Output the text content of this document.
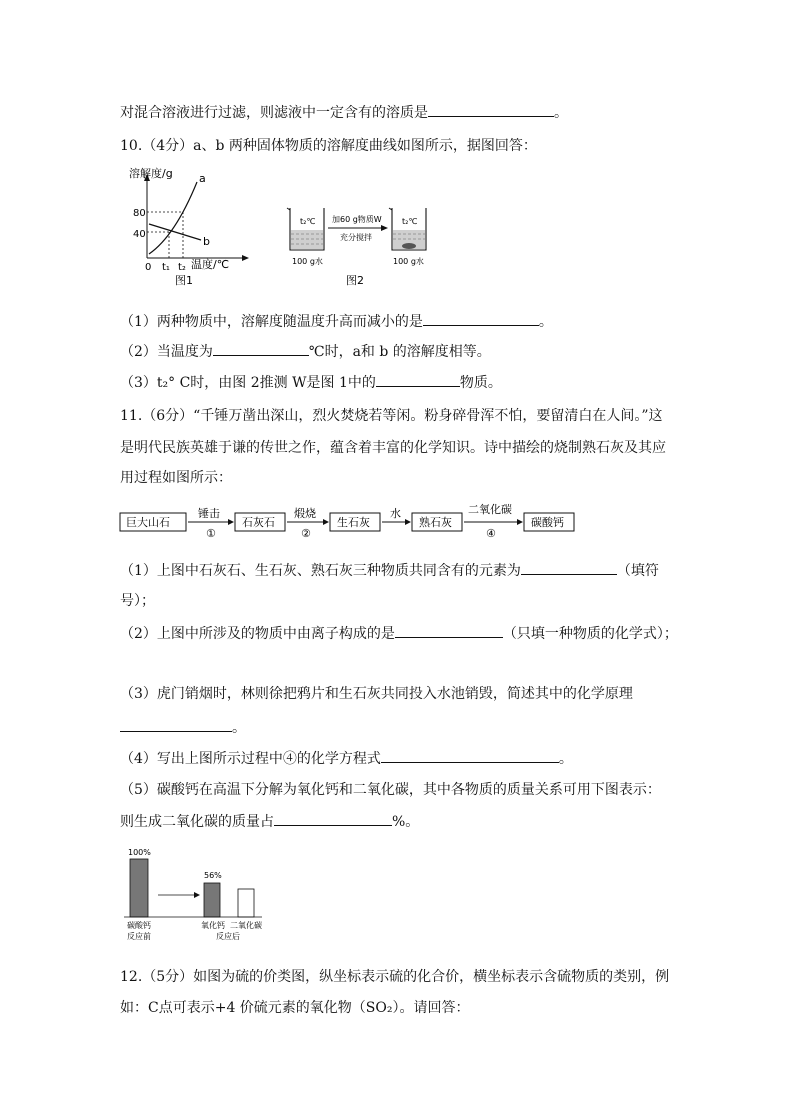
对混合溶液进行过滤，则滤液中一定含有的溶质是	。
10.（4分）a、b 两种固体物质的溶解度曲线如图所示，据图回答：
溶解度/g
80
40
0 t₁ t₂ 温度/℃
a
b
图1
t₂℃ 加60 g物质W
充分搅拌
t₂℃
100 g水	100 g水
图2
（1）两种物质中，溶解度随温度升高而减小的是	。
（2）当温度为	℃时，a和 b 的溶解度相等。
（3）t₂° C时，由图 2推测 W是图 1中的	物质。
11.（6分）“千锤万凿出深山，烈火焚烧若等闲。粉身碎骨浑不怕，要留清白在人间。”这
是明代民族英雄于谦的传世之作，蕴含着丰富的化学知识。诗中描绘的烧制熟石灰及其应
用过程如图所示：
巨大山石
锤击
①
石灰石
煅烧
②
生石灰
水
熟石灰
二氧化碳
④
碳酸钙
（1）上图中石灰石、生石灰、熟石灰三种物质共同含有的元素为	（填符
号）；
（2）上图中所涉及的物质中由离子构成的是	（只填一种物质的化学式）；
（3）虎门销烟时，林则徐把鸦片和生石灰共同投入水池销毁，简述其中的化学原理
。
（4）写出上图所示过程中④的化学方程式	。
（5）碳酸钙在高温下分解为氧化钙和二氧化碳，其中各物质的质量关系可用下图表示：
则生成二氧化碳的质量占	%。
100%
56%
碳酸钙
反应前
氧化钙 二氧化碳
反应后
12.（5分）如图为硫的价类图，纵坐标表示硫的化合价，横坐标表示含硫物质的类别，例
如：C点可表示+4 价硫元素的氧化物（SO₂）。请回答：
